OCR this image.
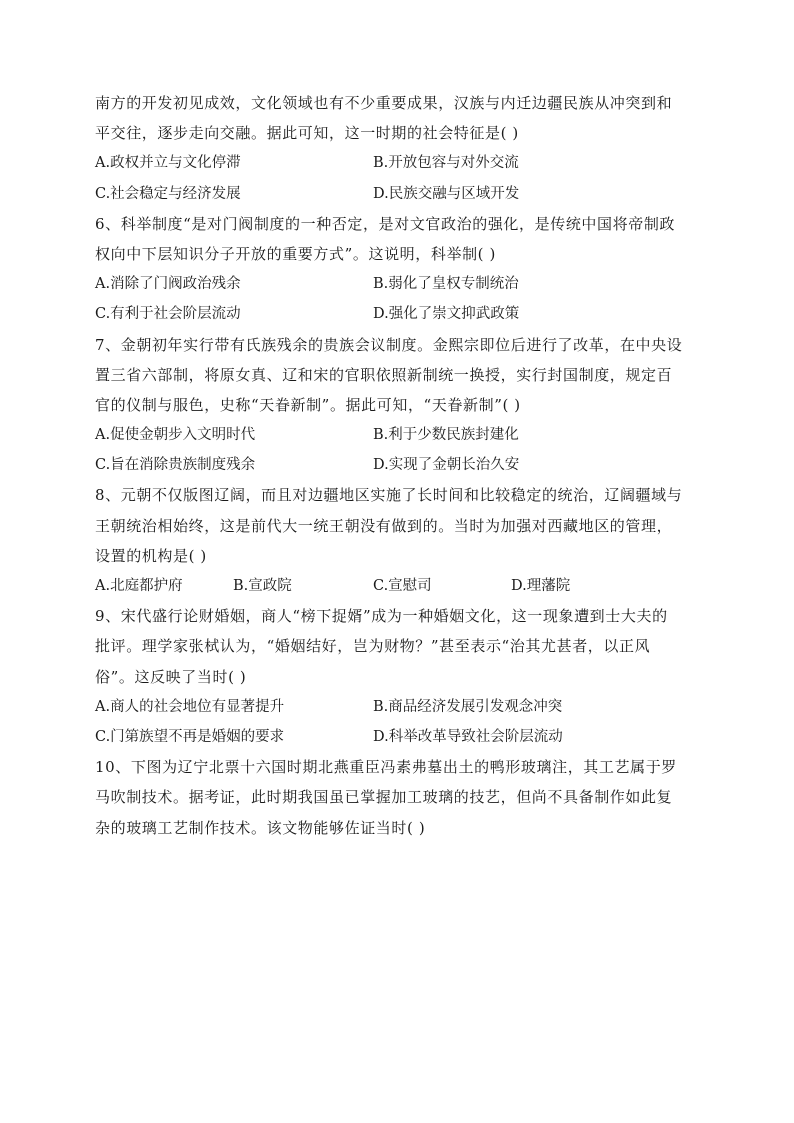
南方的开发初见成效，文化领域也有不少重要成果，汉族与内迁边疆民族从冲突到和
平交往，逐步走向交融。据此可知，这一时期的社会特征是( )
A.政权并立与文化停滞	B.开放包容与对外交流
C.社会稳定与经济发展	D.民族交融与区域开发
6、科举制度“是对门阀制度的一种否定，是对文官政治的强化，是传统中国将帝制政
权向中下层知识分子开放的重要方式”。这说明，科举制( )
A.消除了门阀政治残余	B.弱化了皇权专制统治
C.有利于社会阶层流动	D.强化了崇文抑武政策
7、金朝初年实行带有氏族残余的贵族会议制度。金熙宗即位后进行了改革，在中央设
置三省六部制，将原女真、辽和宋的官职依照新制统一换授，实行封国制度，规定百
官的仪制与服色，史称“天眷新制”。据此可知，“天眷新制”( )
A.促使金朝步入文明时代	B.利于少数民族封建化
C.旨在消除贵族制度残余	D.实现了金朝长治久安
8、元朝不仅版图辽阔，而且对边疆地区实施了长时间和比较稳定的统治，辽阔疆域与
王朝统治相始终，这是前代大一统王朝没有做到的。当时为加强对西藏地区的管理，
设置的机构是( )
A.北庭都护府	B.宣政院	C.宣慰司	D.理藩院
9、宋代盛行论财婚姻，商人“榜下捉婿”成为一种婚姻文化，这一现象遭到士大夫的
批评。理学家张栻认为，“婚姻结好，岂为财物？”甚至表示“治其尤甚者，以正风
俗”。这反映了当时( )
A.商人的社会地位有显著提升	B.商品经济发展引发观念冲突
C.门第族望不再是婚姻的要求	D.科举改革导致社会阶层流动
10、下图为辽宁北票十六国时期北燕重臣冯素弗墓出土的鸭形玻璃注，其工艺属于罗
马吹制技术。据考证，此时期我国虽已掌握加工玻璃的技艺，但尚不具备制作如此复
杂的玻璃工艺制作技术。该文物能够佐证当时( )
